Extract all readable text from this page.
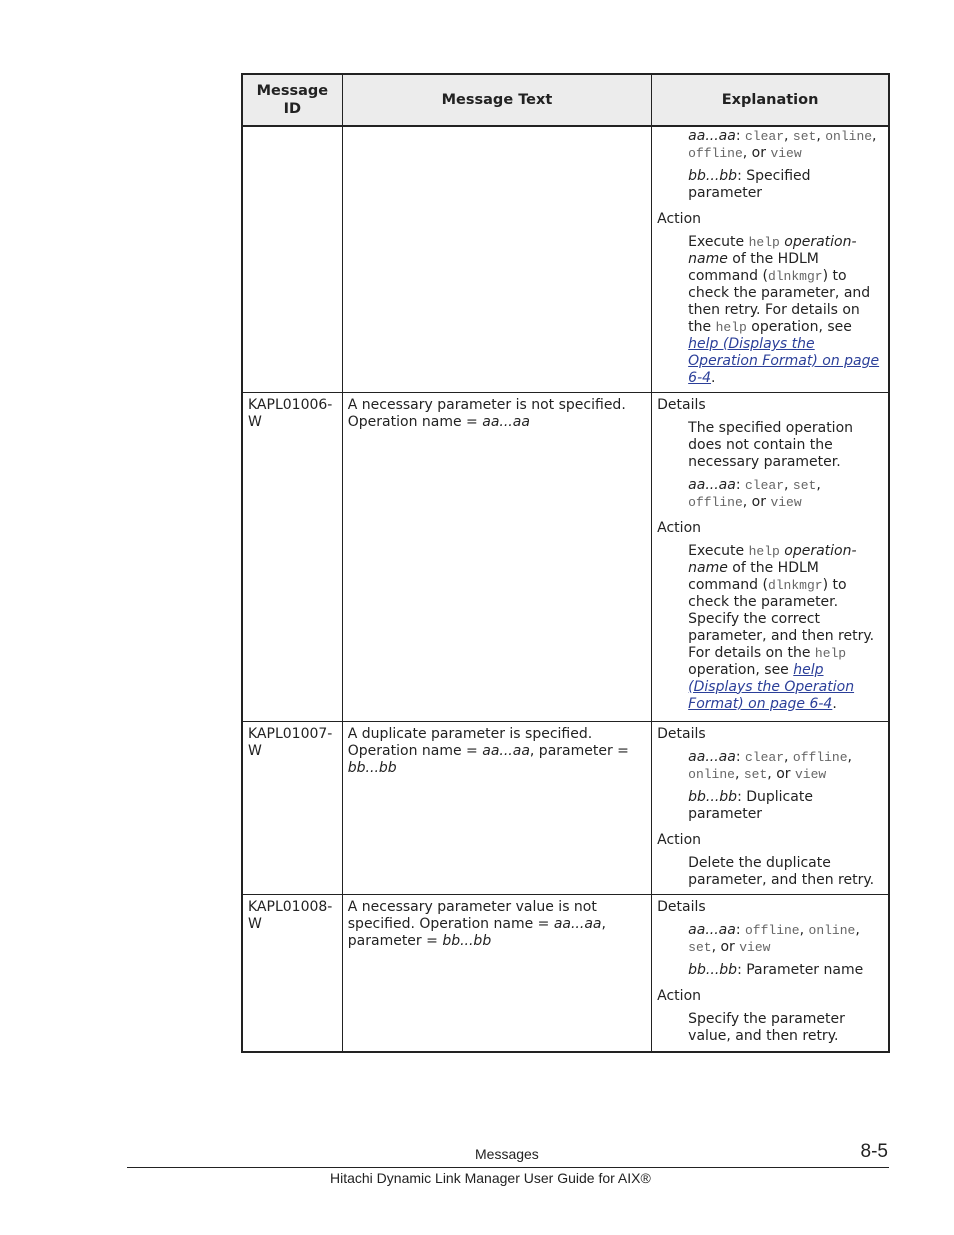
Message ID	Message Text	Explanation

		aa...aa: clear, set, online, offline, or view
bb...bb: Specified parameter
Action
Execute help operation-name of the HDLM command (dlnkmgr) to check the parameter, and then retry. For details on the help operation, see help (Displays the Operation Format) on page 6-4.

KAPL01006-W	A necessary parameter is not specified. Operation name = aa...aa	Details
The specified operation does not contain the necessary parameter.
aa...aa: clear, set, offline, or view
Action
Execute help operation-name of the HDLM command (dlnkmgr) to check the parameter. Specify the correct parameter, and then retry. For details on the help operation, see help (Displays the Operation Format) on page 6-4.

KAPL01007-W	A duplicate parameter is specified. Operation name = aa...aa, parameter = bb...bb	Details
aa...aa: clear, offline, online, set, or view
bb...bb: Duplicate parameter
Action
Delete the duplicate parameter, and then retry.

KAPL01008-W	A necessary parameter value is not specified. Operation name = aa...aa, parameter = bb...bb	Details
aa...aa: offline, online, set, or view
bb...bb: Parameter name
Action
Specify the parameter value, and then retry.
Messages	8-5
Hitachi Dynamic Link Manager User Guide for AIX®
